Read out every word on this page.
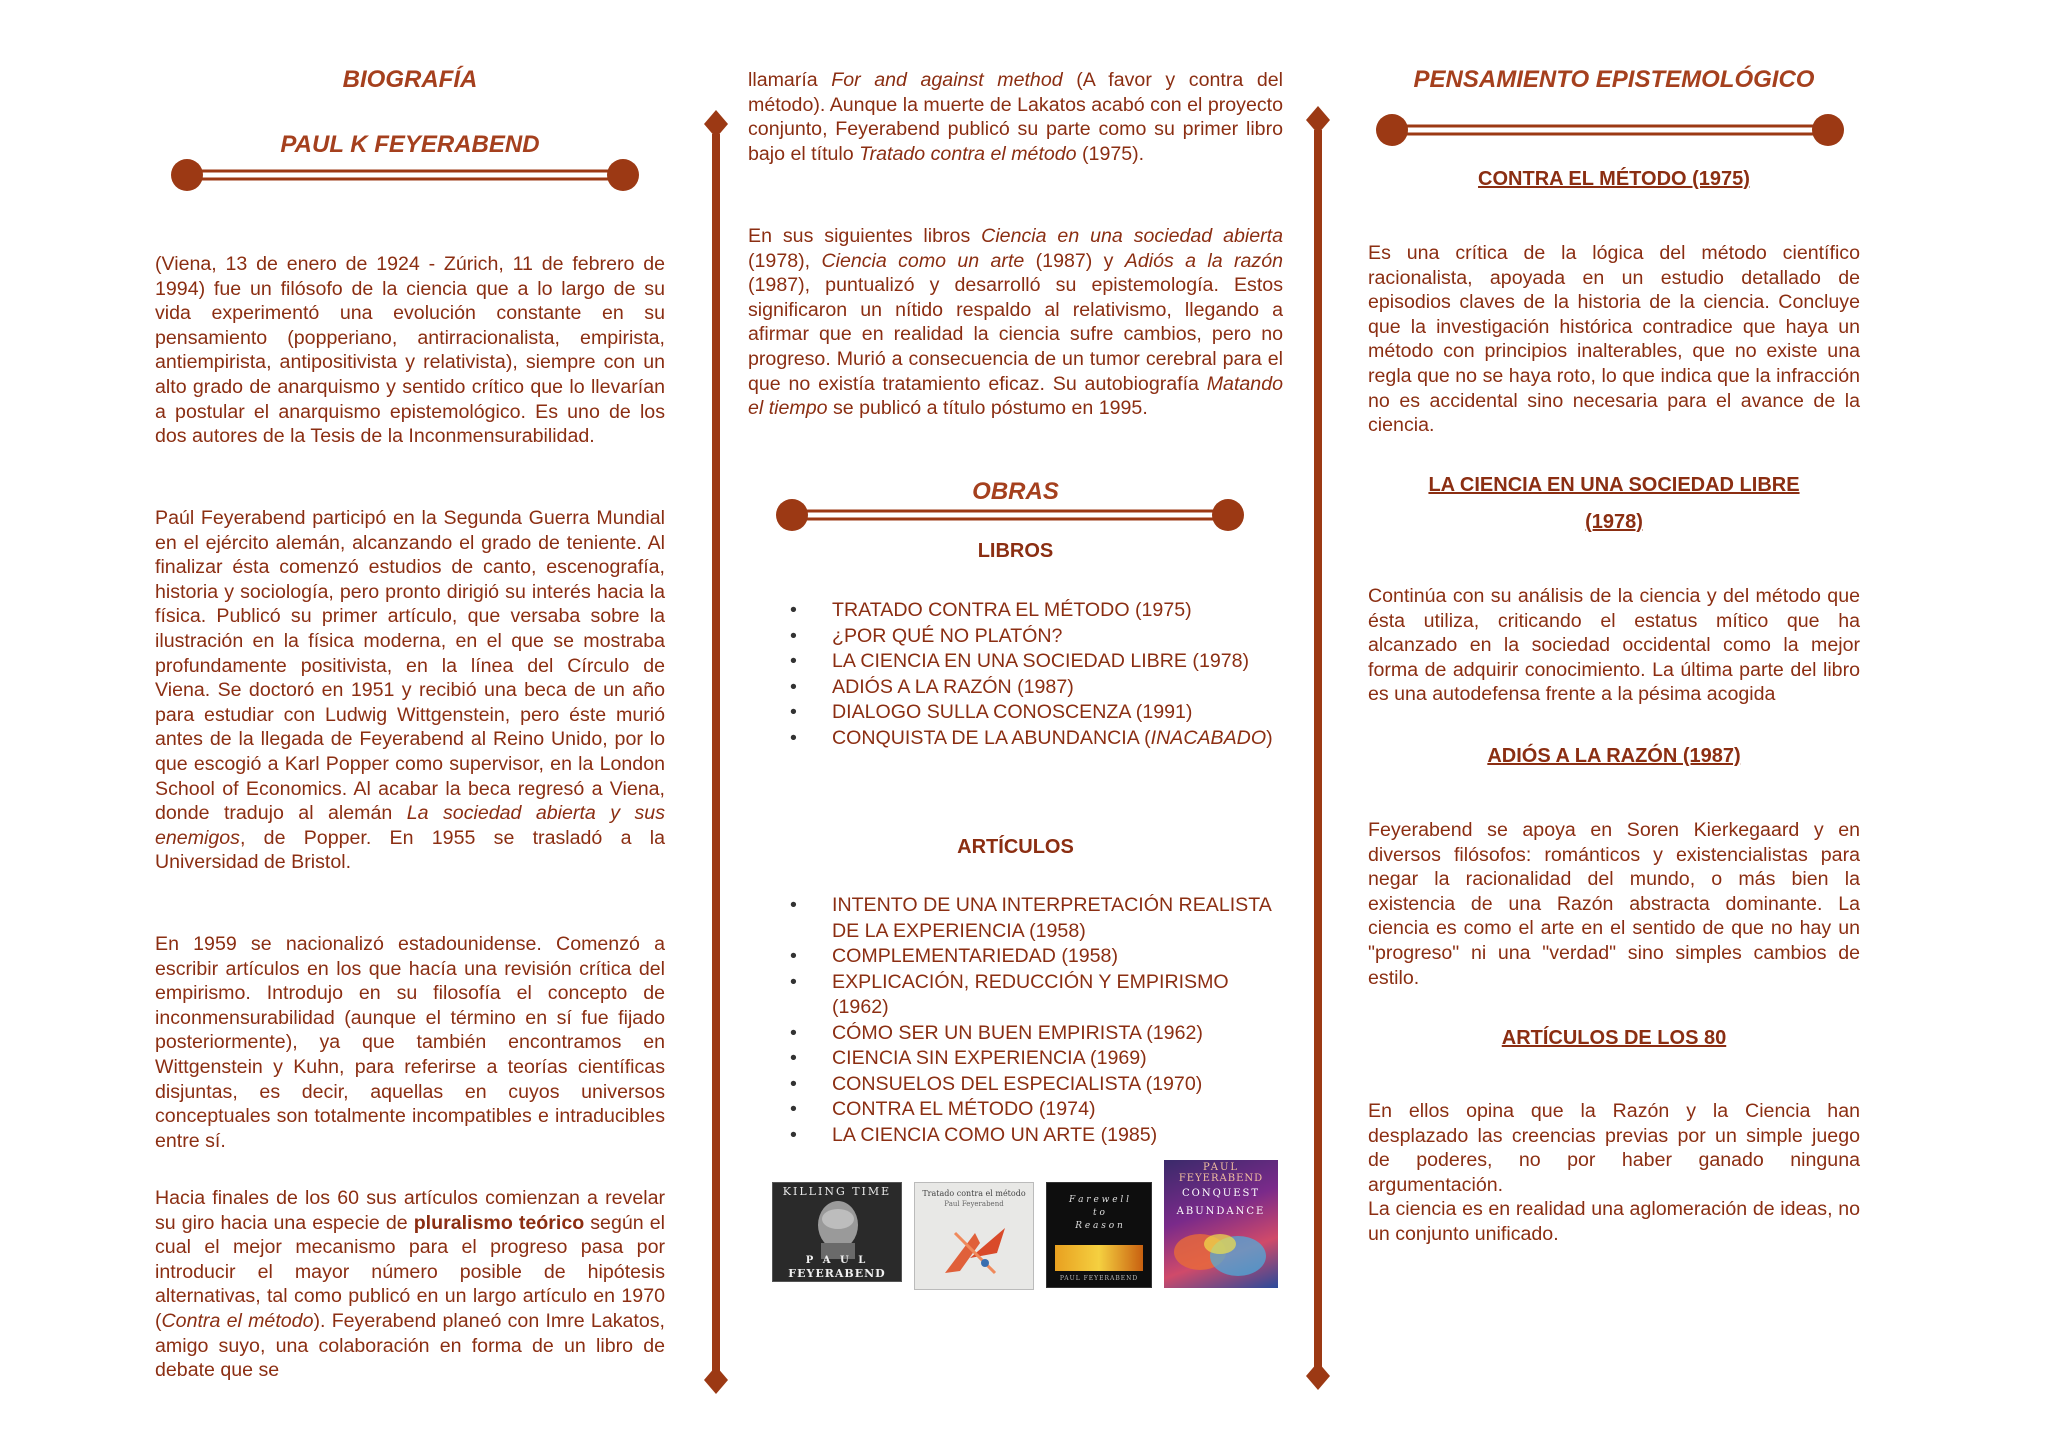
BIOGRAFÍA
PAUL K FEYERABEND

(Viena, 13 de enero de 1924 - Zúrich, 11 de febrero de 1994) fue un filósofo de la ciencia que a lo largo de su vida experimentó una evolución constante en su pensamiento (popperiano, antirracionalista, empirista, antiempirista, antipositivista y relativista), siempre con un alto grado de anarquismo y sentido crítico que lo llevarían a postular el anarquismo epistemológico. Es uno de los dos autores de la Tesis de la Inconmensurabilidad.

Paúl Feyerabend participó en la Segunda Guerra Mundial en el ejército alemán, alcanzando el grado de teniente. Al finalizar ésta comenzó estudios de canto, escenografía, historia y sociología, pero pronto dirigió su interés hacia la física. Publicó su primer artículo, que versaba sobre la ilustración en la física moderna, en el que se mostraba profundamente positivista, en la línea del Círculo de Viena. Se doctoró en 1951 y recibió una beca de un año para estudiar con Ludwig Wittgenstein, pero éste murió antes de la llegada de Feyerabend al Reino Unido, por lo que escogió a Karl Popper como supervisor, en la London School of Economics. Al acabar la beca regresó a Viena, donde tradujo al alemán La sociedad abierta y sus enemigos, de Popper. En 1955 se trasladó a la Universidad de Bristol.

En 1959 se nacionalizó estadounidense. Comenzó a escribir artículos en los que hacía una revisión crítica del empirismo. Introdujo en su filosofía el concepto de inconmensurabilidad (aunque el término en sí fue fijado posteriormente), ya que también encontramos en Wittgenstein y Kuhn, para referirse a teorías científicas disjuntas, es decir, aquellas en cuyos universos conceptuales son totalmente incompatibles e intraducibles entre sí.

Hacia finales de los 60 sus artículos comienzan a revelar su giro hacia una especie de pluralismo teórico según el cual el mejor mecanismo para el progreso pasa por introducir el mayor número posible de hipótesis alternativas, tal como publicó en un largo artículo en 1970 (Contra el método). Feyerabend planeó con Imre Lakatos, amigo suyo, una colaboración en forma de un libro de debate que se

llamaría For and against method (A favor y contra del método). Aunque la muerte de Lakatos acabó con el proyecto conjunto, Feyerabend publicó su parte como su primer libro bajo el título Tratado contra el método (1975).

En sus siguientes libros Ciencia en una sociedad abierta (1978), Ciencia como un arte (1987) y Adiós a la razón (1987), puntualizó y desarrolló su epistemología. Estos significaron un nítido respaldo al relativismo, llegando a afirmar que en realidad la ciencia sufre cambios, pero no progreso. Murió a consecuencia de un tumor cerebral para el que no existía tratamiento eficaz. Su autobiografía Matando el tiempo se publicó a título póstumo en 1995.

OBRAS

LIBROS

• TRATADO CONTRA EL MÉTODO (1975)
• ¿POR QUÉ NO PLATÓN?
• LA CIENCIA EN UNA SOCIEDAD LIBRE (1978)
• ADIÓS A LA RAZÓN (1987)
• DIALOGO SULLA CONOSCENZA (1991)
• CONQUISTA DE LA ABUNDANCIA (INACABADO)

ARTÍCULOS

• INTENTO DE UNA INTERPRETACIÓN REALISTA DE LA EXPERIENCIA (1958)
• COMPLEMENTARIEDAD (1958)
• EXPLICACIÓN, REDUCCIÓN Y EMPIRISMO (1962)
• CÓMO SER UN BUEN EMPIRISTA (1962)
• CIENCIA SIN EXPERIENCIA (1969)
• CONSUELOS DEL ESPECIALISTA (1970)
• CONTRA EL MÉTODO (1974)
• LA CIENCIA COMO UN ARTE (1985)
KILLING TIME
P A U L
FEYERABEND
Tratado contra el método
Paul Feyerabend	F a r e w e l l
t o
R e a s o n
PAUL FEYERABEND
PAUL
FEYERABEND
CONQUEST
ABUNDANCE
PENSAMIENTO EPISTEMOLÓGICO

CONTRA EL MÉTODO (1975)

Es una crítica de la lógica del método científico racionalista, apoyada en un estudio detallado de episodios claves de la historia de la ciencia. Concluye que la investigación histórica contradice que haya un método con principios inalterables, que no existe una regla que no se haya roto, lo que indica que la infracción no es accidental sino necesaria para el avance de la ciencia.

LA CIENCIA EN UNA SOCIEDAD LIBRE

(1978)

Continúa con su análisis de la ciencia y del método que ésta utiliza, criticando el estatus mítico que ha alcanzado en la sociedad occidental como la mejor forma de adquirir conocimiento. La última parte del libro es una autodefensa frente a la pésima acogida

ADIÓS A LA RAZÓN (1987)

Feyerabend se apoya en Soren Kierkegaard y en diversos filósofos: románticos y existencialistas para negar la racionalidad del mundo, o más bien la existencia de una Razón abstracta dominante. La ciencia es como el arte en el sentido de que no hay un "progreso" ni una "verdad" sino simples cambios de estilo.

ARTÍCULOS DE LOS 80

En ellos opina que la Razón y la Ciencia han desplazado las creencias previas por un simple juego de poderes, no por haber ganado ninguna argumentación.
La ciencia es en realidad una aglomeración de ideas, no un conjunto unificado.
